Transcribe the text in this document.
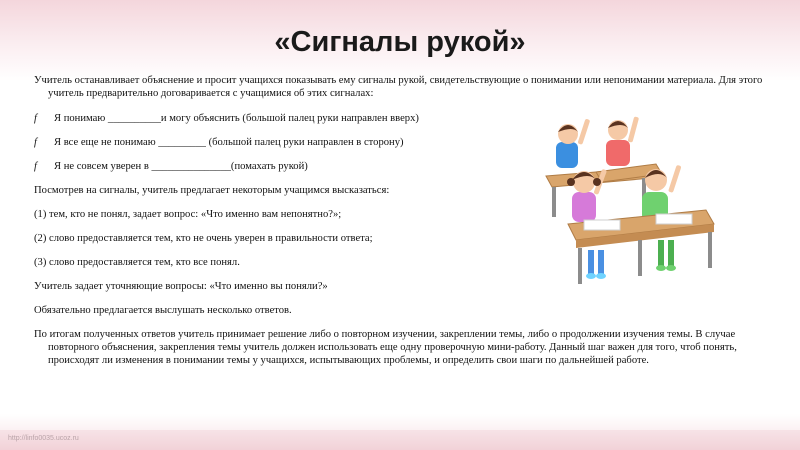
«Сигналы рукой»

Учитель останавливает объяснение и просит учащихся показывать ему сигналы рукой, свидетельствующие о понимании или непонимании материала. Для этого учитель предварительно договаривается с учащимися об этих сигналах:

f Я понимаю __________и могу объяснить (большой палец руки направлен вверх)

f Я все еще не понимаю _________ (большой палец руки направлен в сторону)

f Я не совсем уверен в _______________(помахать рукой)

Посмотрев на сигналы, учитель предлагает некоторым учащимся высказаться:

(1) тем, кто не понял, задает вопрос: «Что именно вам непонятно?»;

(2) слово предоставляется тем, кто не очень уверен в правильности ответа;

(3) слово предоставляется тем, кто все понял.

Учитель задает уточняющие вопросы: «Что именно вы поняли?»

Обязательно предлагается выслушать несколько ответов.

По итогам полученных ответов учитель принимает решение либо о повторном изучении, закреплении темы, либо о продолжении изучения темы. В случае повторного объяснения, закрепления темы учитель должен использовать еще одну проверочную мини-работу. Данный шаг важен для того, чтоб понять, происходят ли изменения в понимании темы у учащихся, испытывающих проблемы, и определить свои шаги по дальнейшей работе.

http://linfo0035.ucoz.ru
